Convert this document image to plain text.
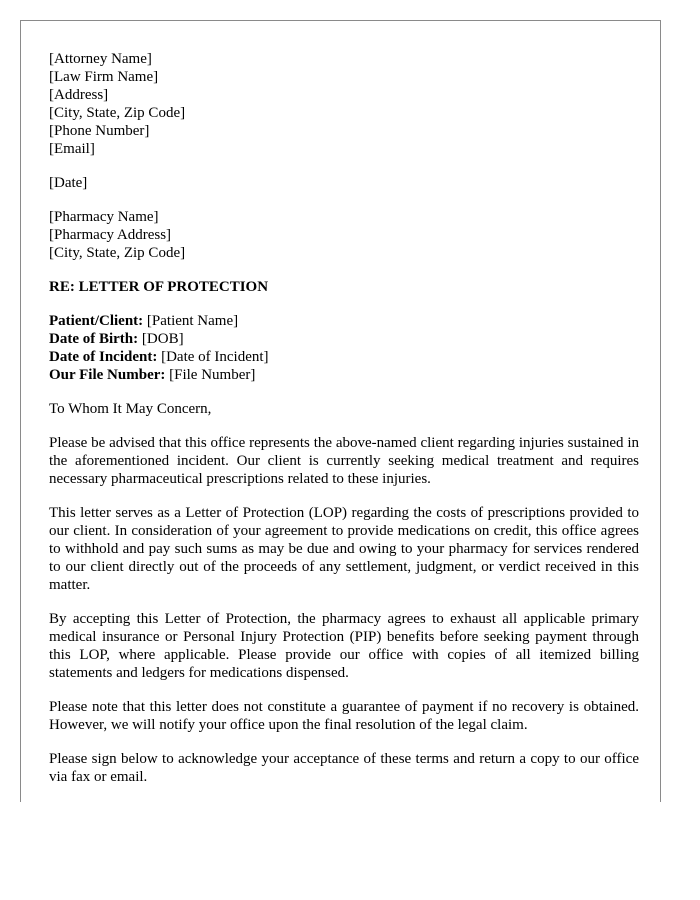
[Attorney Name]
[Law Firm Name]
[Address]
[City, State, Zip Code]
[Phone Number]
[Email]
[Date]
[Pharmacy Name]
[Pharmacy Address]
[City, State, Zip Code]
RE: LETTER OF PROTECTION
Patient/Client: [Patient Name]
Date of Birth: [DOB]
Date of Incident: [Date of Incident]
Our File Number: [File Number]
To Whom It May Concern,

Please be advised that this office represents the above-named client regarding injuries sustained in the aforementioned incident. Our client is currently seeking medical treatment and requires necessary pharmaceutical prescriptions related to these injuries.

This letter serves as a Letter of Protection (LOP) regarding the costs of prescriptions provided to our client. In consideration of your agreement to provide medications on credit, this office agrees to withhold and pay such sums as may be due and owing to your pharmacy for services rendered to our client directly out of the proceeds of any settlement, judgment, or verdict received in this matter.

By accepting this Letter of Protection, the pharmacy agrees to exhaust all applicable primary medical insurance or Personal Injury Protection (PIP) benefits before seeking payment through this LOP, where applicable. Please provide our office with copies of all itemized billing statements and ledgers for medications dispensed.

Please note that this letter does not constitute a guarantee of payment if no recovery is obtained. However, we will notify your office upon the final resolution of the legal claim.

Please sign below to acknowledge your acceptance of these terms and return a copy to our office via fax or email.
